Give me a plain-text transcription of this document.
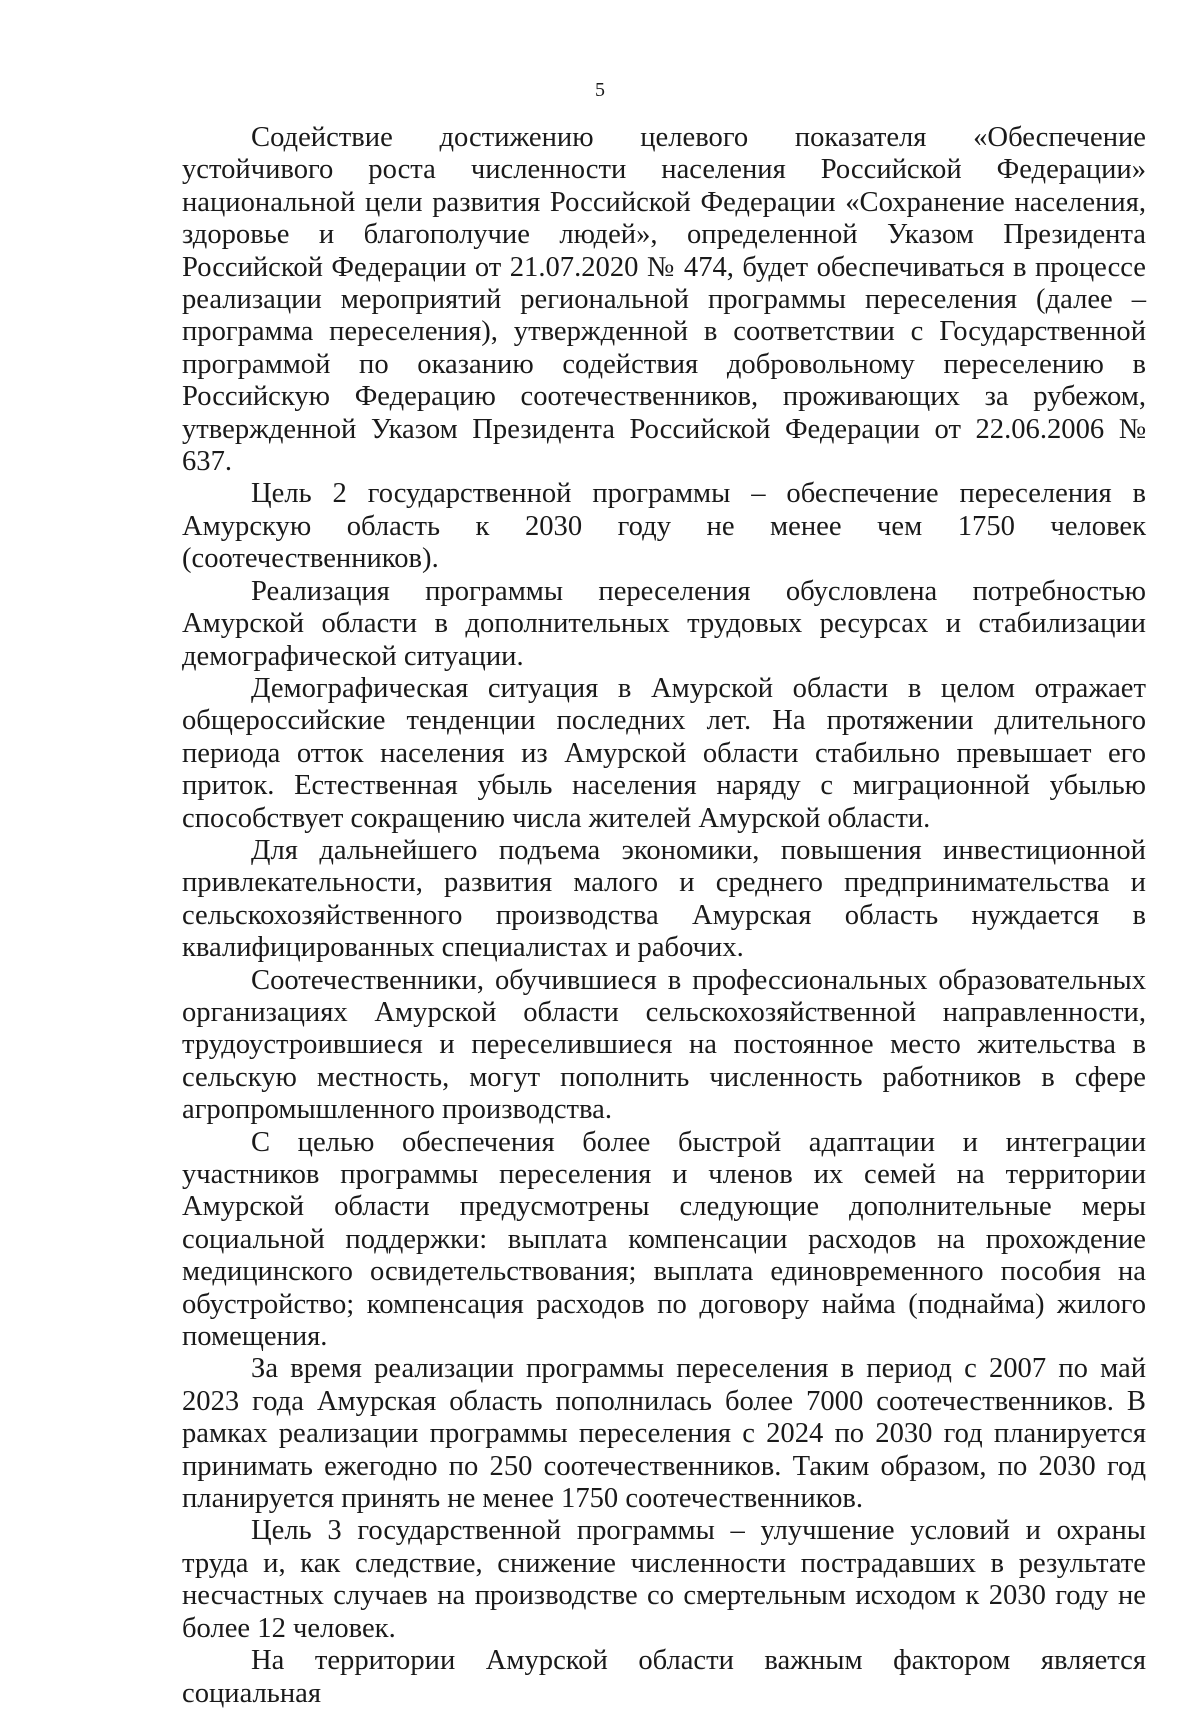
5

Содействие достижению целевого показателя «Обеспечение устойчивого роста численности населения Российской Федерации» национальной цели развития Российской Федерации «Сохранение населения, здоровье и благополучие людей», определенной Указом Президента Российской Федерации от 21.07.2020 № 474, будет обеспечиваться в процессе реализации мероприятий региональной программы переселения (далее – программа переселения), утвержденной в соответствии с Государственной программой по оказанию содействия добровольному переселению в Российскую Федерацию соотечественников, проживающих за рубежом, утвержденной Указом Президента Российской Федерации от 22.06.2006 № 637.

Цель 2 государственной программы – обеспечение переселения в Амурскую область к 2030 году не менее чем 1750 человек (соотечественников).

Реализация программы переселения обусловлена потребностью Амурской области в дополнительных трудовых ресурсах и стабилизации демографической ситуации.

Демографическая ситуация в Амурской области в целом отражает общероссийские тенденции последних лет. На протяжении длительного периода отток населения из Амурской области стабильно превышает его приток. Естественная убыль населения наряду с миграционной убылью способствует сокращению числа жителей Амурской области.

Для дальнейшего подъема экономики, повышения инвестиционной привлекательности, развития малого и среднего предпринимательства и сельскохозяйственного производства Амурская область нуждается в квалифицированных специалистах и рабочих.

Соотечественники, обучившиеся в профессиональных образовательных организациях Амурской области сельскохозяйственной направленности, трудоустроившиеся и переселившиеся на постоянное место жительства в сельскую местность, могут пополнить численность работников в сфере агропромышленного производства.

С целью обеспечения более быстрой адаптации и интеграции участников программы переселения и членов их семей на территории Амурской области предусмотрены следующие дополнительные меры социальной поддержки: выплата компенсации расходов на прохождение медицинского освидетельствования; выплата единовременного пособия на обустройство; компенсация расходов по договору найма (поднайма) жилого помещения.

За время реализации программы переселения в период с 2007 по май 2023 года Амурская область пополнилась более 7000 соотечественников. В рамках реализации программы переселения с 2024 по 2030 год планируется принимать ежегодно по 250 соотечественников. Таким образом, по 2030 год планируется принять не менее 1750 соотечественников.

Цель 3 государственной программы – улучшение условий и охраны труда и, как следствие, снижение численности пострадавших в результате несчастных случаев на производстве со смертельным исходом к 2030 году не более 12 человек.

На территории Амурской области важным фактором является социальная
